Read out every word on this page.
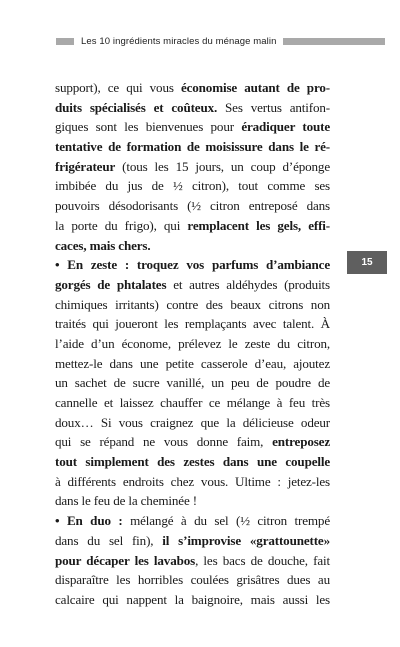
Les 10 ingrédients miracles du ménage malin
15
support), ce qui vous économise autant de pro-
duits spécialisés et coûteux. Ses vertus antifon-
giques sont les bienvenues pour éradiquer toute
tentative de formation de moisissure dans le ré-
frigérateur (tous les 15 jours, un coup d’éponge
imbibée du jus de ½ citron), tout comme ses
pouvoirs désodorisants (½ citron entreposé dans
la porte du frigo), qui remplacent les gels, effi-
caces, mais chers.
• En zeste : troquez vos parfums d’ambiance
gorgés de phtalates et autres aldéhydes (produits
chimiques irritants) contre des beaux citrons non
traités qui joueront les remplaçants avec talent. À
l’aide d’un économe, prélevez le zeste du citron,
mettez-le dans une petite casserole d’eau, ajoutez
un sachet de sucre vanillé, un peu de poudre de
cannelle et laissez chauffer ce mélange à feu très
doux… Si vous craignez que la délicieuse odeur
qui se répand ne vous donne faim, entreposez
tout simplement des zestes dans une coupelle
à différents endroits chez vous. Ultime : jetez-les
dans le feu de la cheminée !
• En duo : mélangé à du sel (½ citron trempé
dans du sel fin), il s’improvise «grattounette»
pour décaper les lavabos, les bacs de douche, fait
disparaître les horribles coulées grisâtres dues au
calcaire qui nappent la baignoire, mais aussi les
